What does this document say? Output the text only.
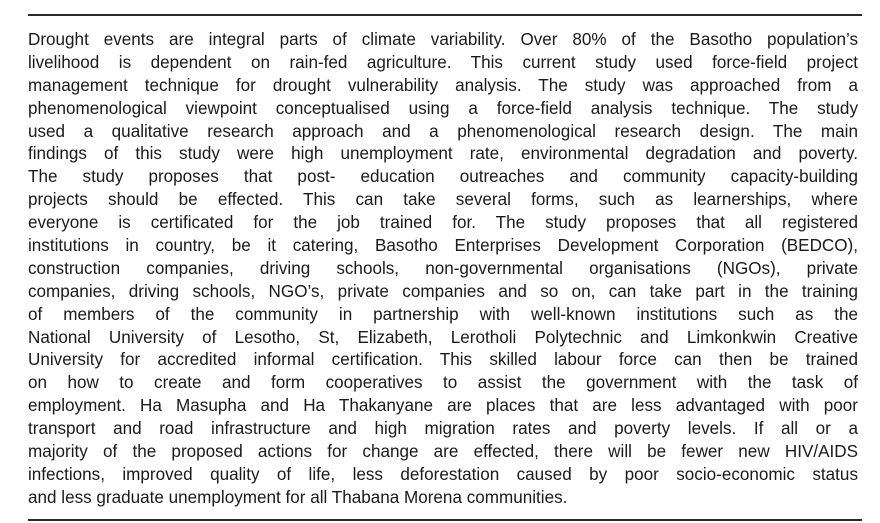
Drought events are integral parts of climate variability. Over 80% of the Basotho population’s
livelihood is dependent on rain-fed agriculture. This current study used force-field project
management technique for drought vulnerability analysis. The study was approached from a
phenomenological viewpoint conceptualised using a force-field analysis technique. The study
used a qualitative research approach and a phenomenological research design. The main
findings of this study were high unemployment rate, environmental degradation and poverty.
The study proposes that post- education outreaches and community capacity-building
projects should be effected. This can take several forms, such as learnerships, where
everyone is certificated for the job trained for. The study proposes that all registered
institutions in country, be it catering, Basotho Enterprises Development Corporation (BEDCO),
construction companies, driving schools, non-governmental organisations (NGOs), private
companies, driving schools, NGO’s, private companies and so on, can take part in the training
of members of the community in partnership with well-known institutions such as the
National University of Lesotho, St, Elizabeth, Lerotholi Polytechnic and Limkonkwin Creative
University for accredited informal certification. This skilled labour force can then be trained
on how to create and form cooperatives to assist the government with the task of
employment. Ha Masupha and Ha Thakanyane are places that are less advantaged with poor
transport and road infrastructure and high migration rates and poverty levels. If all or a
majority of the proposed actions for change are effected, there will be fewer new HIV/AIDS
infections, improved quality of life, less deforestation caused by poor socio-economic status
and less graduate unemployment for all Thabana Morena communities.
